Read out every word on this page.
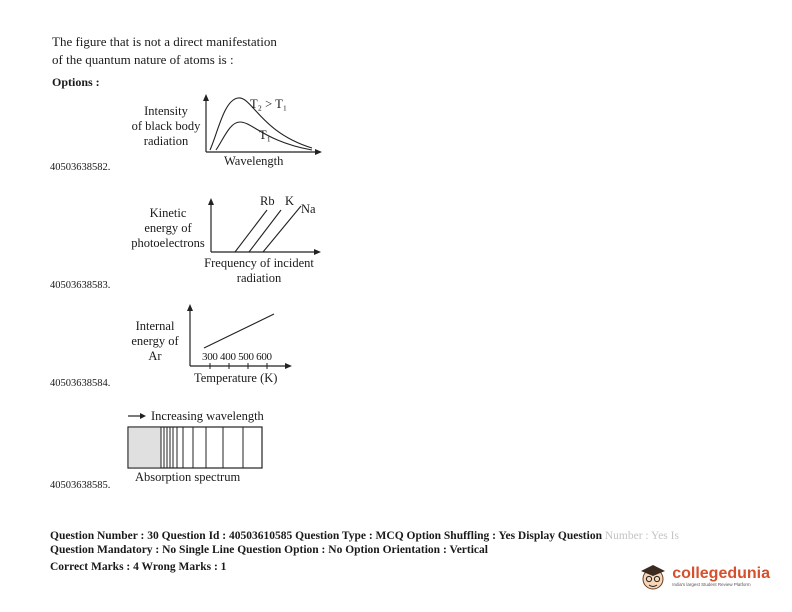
The figure that is not a direct manifestation
of the quantum nature of atoms is :
Options :
Intensity
of black body
radiation
T₂ > T₁
T₁
Wavelength
40503638582.
Kinetic
energy of
photoelectrons
Rb K
Na
Frequency of incident
radiation
40503638583.
Internal
energy of
Ar	300 400 500 600
Temperature (K)
40503638584.
Increasing wavelength
Absorption spectrum
40503638585.
Question Number : 30 Question Id : 40503610585 Question Type : MCQ Option Shuffling : Yes Display Question Number : Yes Is
Question Mandatory : No Single Line Question Option : No Option Orientation : Vertical
Correct Marks : 4 Wrong Marks : 1	collegedunia
India's largest Student Review Platform
